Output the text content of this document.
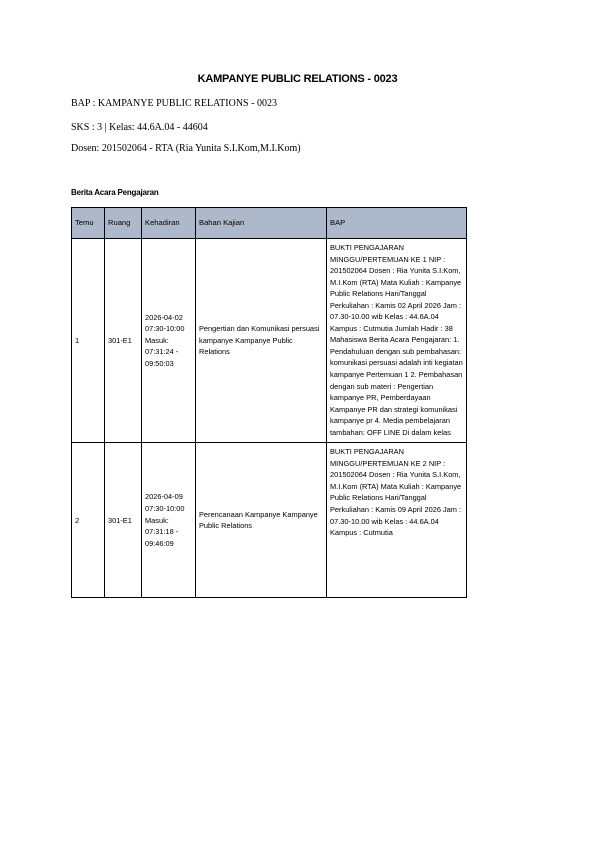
KAMPANYE PUBLIC RELATIONS - 0023
BAP : KAMPANYE PUBLIC RELATIONS - 0023
SKS : 3 | Kelas: 44.6A.04 - 44604
Dosen: 201502064 - RTA (Ria Yunita S.I.Kom,M.I.Kom)
Berita Acara Pengajaran
Temu	Ruang	Kehadiran	Bahan Kajian	BAP
1	301-E1	2026-04-02 07:30-10:00 Masuk: 07:31:24 - 09:50:03	Pengertian dan Komunikasi persuasi kampanye Kampanye Public Relations	BUKTI PENGAJARAN MINGGU/PERTEMUAN KE 1 NIP : 201502064 Dosen : Ria Yunita S.I.Kom, M.I.Kom (RTA) Mata Kuliah : Kampanye Public Relations Hari/Tanggal Perkuliahan : Kamis 02 April 2026 Jam : 07.30-10.00 wib Kelas : 44.6A.04 Kampus : Cutmutia Jumlah Hadir : 38 Mahasiswa Berita Acara Pengajaran: 1. Pendahuluan dengan sub pembahasan: komunikasi persuasi adalah inti kegiatan kampanye Pertemuan 1 2. Pembahasan dengan sub materi : Pengertian kampanye PR, Pemberdayaan Kampanye PR dan strategi komunikasi kampanye pr 4. Media pembelajaran tambahan: OFF LINE Di dalam kelas
2	301-E1	2026-04-09 07:30-10:00 Masuk: 07:31:18 - 09:46:09	Perencanaan Kampanye Kampanye Public Relations	BUKTI PENGAJARAN MINGGU/PERTEMUAN KE 2 NIP : 201502064 Dosen : Ria Yunita S.I.Kom, M.I.Kom (RTA) Mata Kuliah : Kampanye Public Relations Hari/Tanggal Perkuliahan : Kamis 09 April 2026 Jam : 07.30-10.00 wib Kelas : 44.6A.04 Kampus : Cutmutia
